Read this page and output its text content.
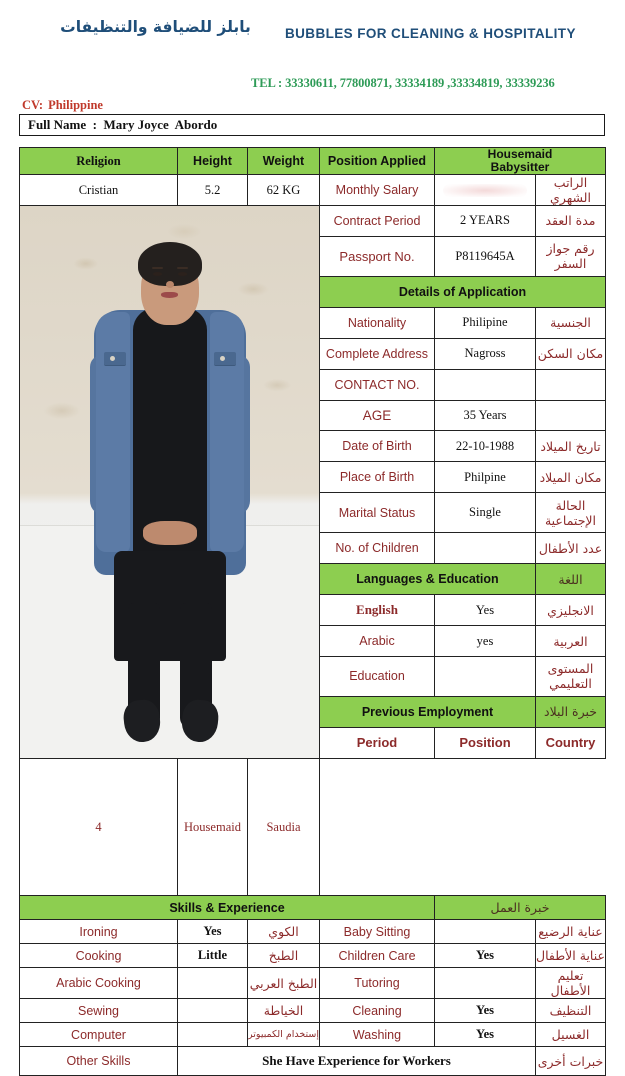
بابلز للضيافة والتنظيفات	BUBBLES FOR CLEANING & HOSPITALITY
TEL : 33330611, 77800871, 33334189 ,33334819, 33339236
CV: Philippine
Full Name  :  Mary Joyce  Abordo
Religion	Height	Weight	Position Applied	Housemaid
Babysitter	
Cristian	5.2	62 KG	Monthly Salary		الراتب الشهري

			Contract Period	2 YEARS	مدة العقد
			Passport No.	P8119645A	رقم جواز السفر
			Details of Application		
			Nationality	Philipine	الجنسية
			Complete Address	Nagross	مكان السكن
			CONTACT NO.		
			AGE	35 Years	
			Date of Birth	22-10-1988	تاريخ الميلاد
			Place of Birth	Philpine	مكان الميلاد
			Marital Status	Single	الحالة الإجتماعية
			No. of Children		عدد الأطفال
			Languages & Education		اللغة
			English	Yes	الانجليزي
			Arabic	yes	العربية
			Education		المستوى التعليمي
			Previous Employment		خبرة البلاد
			Period	Position	Country
4	Housemaid	Saudia			
Skills & Experience				خبرة العمل	
Ironing	Yes	الكوي	Baby Sitting		عناية الرضيع
Cooking	Little	الطبخ	Children Care	Yes	عناية الأطفال
Arabic Cooking		الطبخ العربي	Tutoring		تعليم الأطفال
Sewing		الخياطة	Cleaning	Yes	التنظيف
Computer		إستخدام الكمبيوتر	Washing	Yes	الغسيل
Other Skills	She Have Experience for Workers				خبرات أخرى
